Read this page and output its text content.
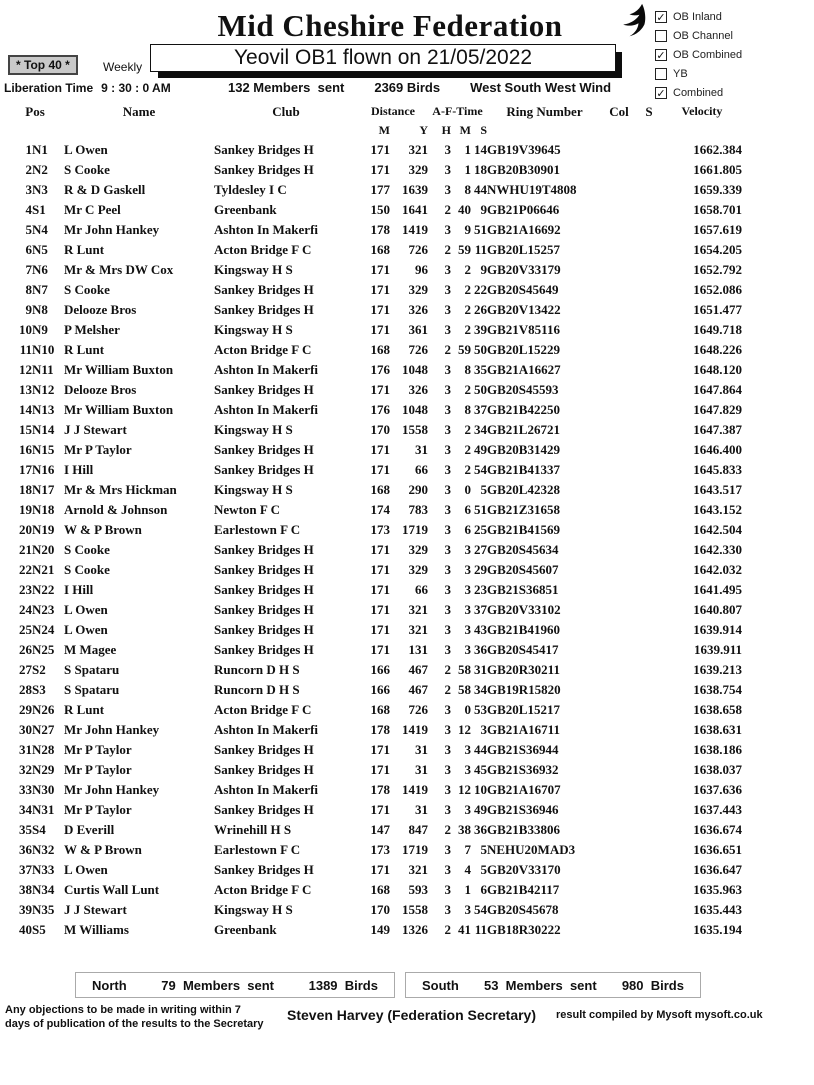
Mid Cheshire Federation	✓ OB Inland
OB Channel
✓ OB Combined
YB
✓ Combined
* Top 40 *	Weekly
Liberation Time 9 : 30 : 0 AM
Yeovil OB1 flown on 21/05/2022
132 Members  sent 2369 Birds West South West Wind
Pos		Name	Club	Distance		A-F-Time			Ring Number	Col	S	Velocity
				M	Y	H	M	S				
1	N1	L Owen	Sankey Bridges H	171	321	3	1	14	GB19V39645			1662.384
2	N2	S Cooke	Sankey Bridges H	171	329	3	1	18	GB20B30901			1661.805
3	N3	R & D Gaskell	Tyldesley I C	177	1639	3	8	44	NWHU19T4808			1659.339
4	S1	Mr C Peel	Greenbank	150	1641	2	40	9	GB21P06646			1658.701
5	N4	Mr John Hankey	Ashton In Makerfi	178	1419	3	9	51	GB21A16692			1657.619
6	N5	R Lunt	Acton Bridge F C	168	726	2	59	11	GB20L15257			1654.205
7	N6	Mr & Mrs DW Cox	Kingsway H S	171	96	3	2	9	GB20V33179			1652.792
8	N7	S Cooke	Sankey Bridges H	171	329	3	2	22	GB20S45649			1652.086
9	N8	Delooze Bros	Sankey Bridges H	171	326	3	2	26	GB20V13422			1651.477
10	N9	P Melsher	Kingsway H S	171	361	3	2	39	GB21V85116			1649.718
11	N10	R Lunt	Acton Bridge F C	168	726	2	59	50	GB20L15229			1648.226
12	N11	Mr William Buxton	Ashton In Makerfi	176	1048	3	8	35	GB21A16627			1648.120
13	N12	Delooze Bros	Sankey Bridges H	171	326	3	2	50	GB20S45593			1647.864
14	N13	Mr William Buxton	Ashton In Makerfi	176	1048	3	8	37	GB21B42250			1647.829
15	N14	J J Stewart	Kingsway H S	170	1558	3	2	34	GB21L26721			1647.387
16	N15	Mr P Taylor	Sankey Bridges H	171	31	3	2	49	GB20B31429			1646.400
17	N16	I Hill	Sankey Bridges H	171	66	3	2	54	GB21B41337			1645.833
18	N17	Mr & Mrs Hickman	Kingsway H S	168	290	3	0	5	GB20L42328			1643.517
19	N18	Arnold & Johnson	Newton F C	174	783	3	6	51	GB21Z31658			1643.152
20	N19	W & P Brown	Earlestown F C	173	1719	3	6	25	GB21B41569			1642.504
21	N20	S Cooke	Sankey Bridges H	171	329	3	3	27	GB20S45634			1642.330
22	N21	S Cooke	Sankey Bridges H	171	329	3	3	29	GB20S45607			1642.032
23	N22	I Hill	Sankey Bridges H	171	66	3	3	23	GB21S36851			1641.495
24	N23	L Owen	Sankey Bridges H	171	321	3	3	37	GB20V33102			1640.807
25	N24	L Owen	Sankey Bridges H	171	321	3	3	43	GB21B41960			1639.914
26	N25	M Magee	Sankey Bridges H	171	131	3	3	36	GB20S45417			1639.911
27	S2	S Spataru	Runcorn D H S	166	467	2	58	31	GB20R30211			1639.213
28	S3	S Spataru	Runcorn D H S	166	467	2	58	34	GB19R15820			1638.754
29	N26	R Lunt	Acton Bridge F C	168	726	3	0	53	GB20L15217			1638.658
30	N27	Mr John Hankey	Ashton In Makerfi	178	1419	3	12	3	GB21A16711			1638.631
31	N28	Mr P Taylor	Sankey Bridges H	171	31	3	3	44	GB21S36944			1638.186
32	N29	Mr P Taylor	Sankey Bridges H	171	31	3	3	45	GB21S36932			1638.037
33	N30	Mr John Hankey	Ashton In Makerfi	178	1419	3	12	10	GB21A16707			1637.636
34	N31	Mr P Taylor	Sankey Bridges H	171	31	3	3	49	GB21S36946			1637.443
35	S4	D Everill	Wrinehill H S	147	847	2	38	36	GB21B33806			1636.674
36	N32	W & P Brown	Earlestown F C	173	1719	3	7	5	NEHU20MAD3			1636.651
37	N33	L Owen	Sankey Bridges H	171	321	3	4	5	GB20V33170			1636.647
38	N34	Curtis Wall Lunt	Acton Bridge F C	168	593	3	1	6	GB21B42117			1635.963
39	N35	J J Stewart	Kingsway H S	170	1558	3	3	54	GB20S45678			1635.443
40	S5	M Williams	Greenbank	149	1326	2	41	11	GB18R30222			1635.194
North	79  Members  sent	1389  Birds	South 53  Members  sent 980  Birds
Any objections to be made in writing within 7
days of publication of the results to the Secretary
Steven Harvey (Federation Secretary) result compiled by Mysoft mysoft.co.uk
